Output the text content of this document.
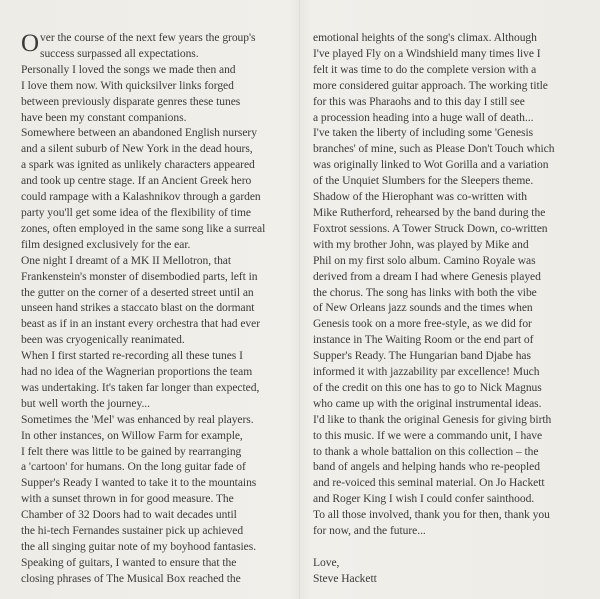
Over the course of the next few years the group's
success surpassed all expectations.
Personally I loved the songs we made then and
I love them now. With quicksilver links forged
between previously disparate genres these tunes
have been my constant companions.
Somewhere between an abandoned English nursery
and a silent suburb of New York in the dead hours,
a spark was ignited as unlikely characters appeared
and took up centre stage. If an Ancient Greek hero
could rampage with a Kalashnikov through a garden
party you'll get some idea of the flexibility of time
zones, often employed in the same song like a surreal
film designed exclusively for the ear.
One night I dreamt of a MK II Mellotron, that
Frankenstein's monster of disembodied parts, left in
the gutter on the corner of a deserted street until an
unseen hand strikes a staccato blast on the dormant
beast as if in an instant every orchestra that had ever
been was cryogenically reanimated.
When I first started re-recording all these tunes I
had no idea of the Wagnerian proportions the team
was undertaking. It's taken far longer than expected,
but well worth the journey...
Sometimes the 'Mel' was enhanced by real players.
In other instances, on Willow Farm for example,
I felt there was little to be gained by rearranging
a 'cartoon' for humans. On the long guitar fade of
Supper's Ready I wanted to take it to the mountains
with a sunset thrown in for good measure. The
Chamber of 32 Doors had to wait decades until
the hi-tech Fernandes sustainer pick up achieved
the all singing guitar note of my boyhood fantasies.
Speaking of guitars, I wanted to ensure that the
closing phrases of The Musical Box reached the
emotional heights of the song's climax. Although
I've played Fly on a Windshield many times live I
felt it was time to do the complete version with a
more considered guitar approach. The working title
for this was Pharaohs and to this day I still see
a procession heading into a huge wall of death...
I've taken the liberty of including some 'Genesis
branches' of mine, such as Please Don't Touch which
was originally linked to Wot Gorilla and a variation
of the Unquiet Slumbers for the Sleepers theme.
Shadow of the Hierophant was co-written with
Mike Rutherford, rehearsed by the band during the
Foxtrot sessions. A Tower Struck Down, co-written
with my brother John, was played by Mike and
Phil on my first solo album. Camino Royale was
derived from a dream I had where Genesis played
the chorus. The song has links with both the vibe
of New Orleans jazz sounds and the times when
Genesis took on a more free-style, as we did for
instance in The Waiting Room or the end part of
Supper's Ready. The Hungarian band Djabe has
informed it with jazzability par excellence! Much
of the credit on this one has to go to Nick Magnus
who came up with the original instrumental ideas.
I'd like to thank the original Genesis for giving birth
to this music. If we were a commando unit, I have
to thank a whole battalion on this collection – the
band of angels and helping hands who re-peopled
and re-voiced this seminal material. On Jo Hackett
and Roger King I wish I could confer sainthood.
To all those involved, thank you for then, thank you
for now, and the future...
Love,
Steve Hackett
